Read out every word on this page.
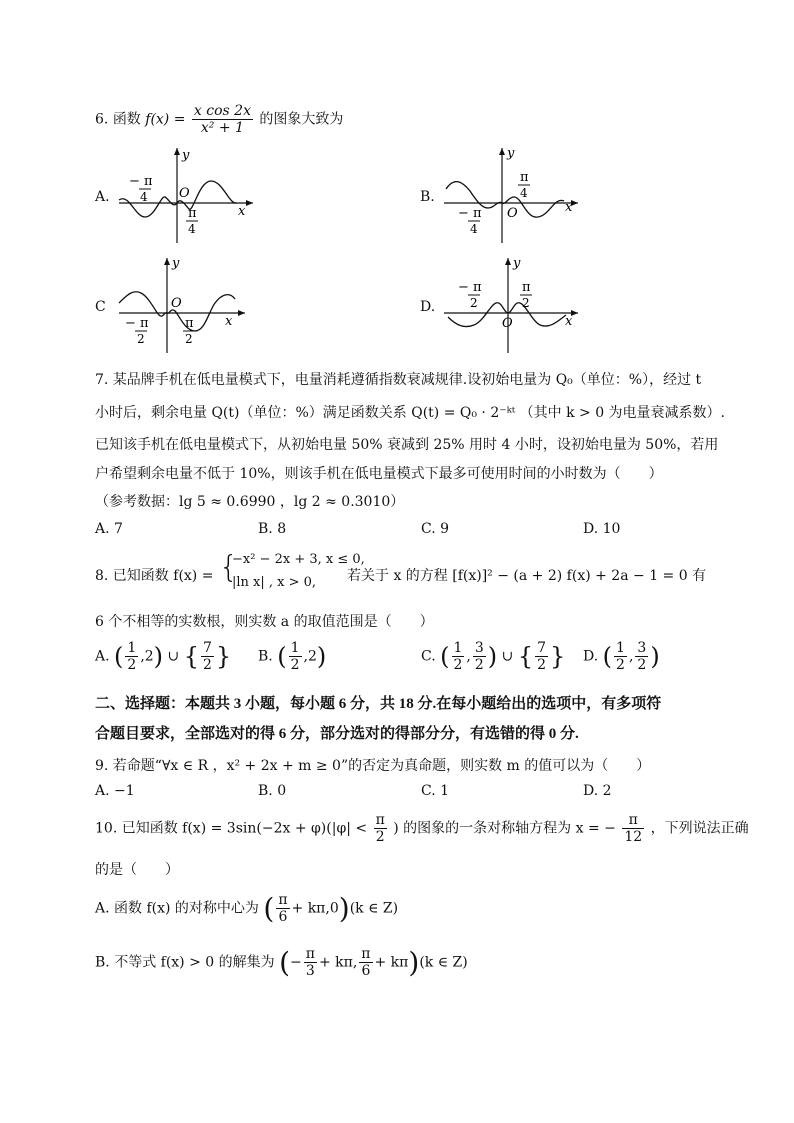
6. 函数 $f(x) = \frac{\text{x cos 2x}}{\text{x² + 1}}$ 的图象大致为
A.
y
x
O
− π
4
π
4
B.
y
x
O
π
4
− π
4
C
y
x
O
− π
2
π
2
D.
y
x
O
− π
2
π
2
7. 某品牌手机在低电量模式下，电量消耗遵循指数衰减规律.设初始电量为 Q₀（单位：%），经过 t
小时后，剩余电量 Q(t)（单位：%）满足函数关系 Q(t) = Q₀ · 2⁻ᵏᵗ （其中 k > 0 为电量衰减系数）.
已知该手机在低电量模式下，从初始电量 50% 衰减到 25% 用时 4 小时，设初始电量为 50%，若用
户希望剩余电量不低于 10%，则该手机在低电量模式下最多可使用时间的小时数为（　　）
（参考数据：lg 5 ≈ 0.6990 ，lg 2 ≈ 0.3010）
A. 7	B. 8	C. 9	D. 10
8. 已知函数 f(x) = {
−x² − 2x + 3, x ≤ 0,
|ln x| , x > 0, 若关于 x 的方程 [f(x)]² − (a + 2) f(x) + 2a − 1 = 0 有
6 个不相等的实数根，则实数 a 的取值范围是（　　）
A. ( $\frac{1}{2} ,2$) ∪ { $\frac{7}{2}$ } B. ( $\frac{1}{2} ,2$)	C. ( $\frac{1}{2}$ , $\frac{3}{2}$ ) ∪ { $\frac{7}{2}$ } D. ( $\frac{1}{2}$ , $\frac{3}{2}$ )
二、选择题：本题共 3 小题，每小题 6 分，共 18 分.在每小题给出的选项中，有多项符
合题目要求，全部选对的得 6 分，部分选对的得部分分，有选错的得 0 分.
9. 若命题“∀x ∈ R ，x² + 2x + m ≥ 0”的否定为真命题，则实数 m 的值可以为（　　）
A. −1	B. 0	C. 1	D. 2
10. 已知函数 $f(x) = 3\sin(-2x + \varphi)(|\varphi| < \frac{\pi}{2}$ ) 的图象的一条对称轴方程为 x = − $\frac{\pi}{12}$ ，下列说法正确
的是（　　）
A. 函数 f(x) 的对称中心为 ( $\frac{\pi}{6} + k\pi,0)(k$ ∈ Z)
B. 不等式 f(x) > 0 的解集为 (− $\frac{\pi}{3} + k\pi$, $\frac{\pi}{6} + k\pi)(k$ ∈ Z)
